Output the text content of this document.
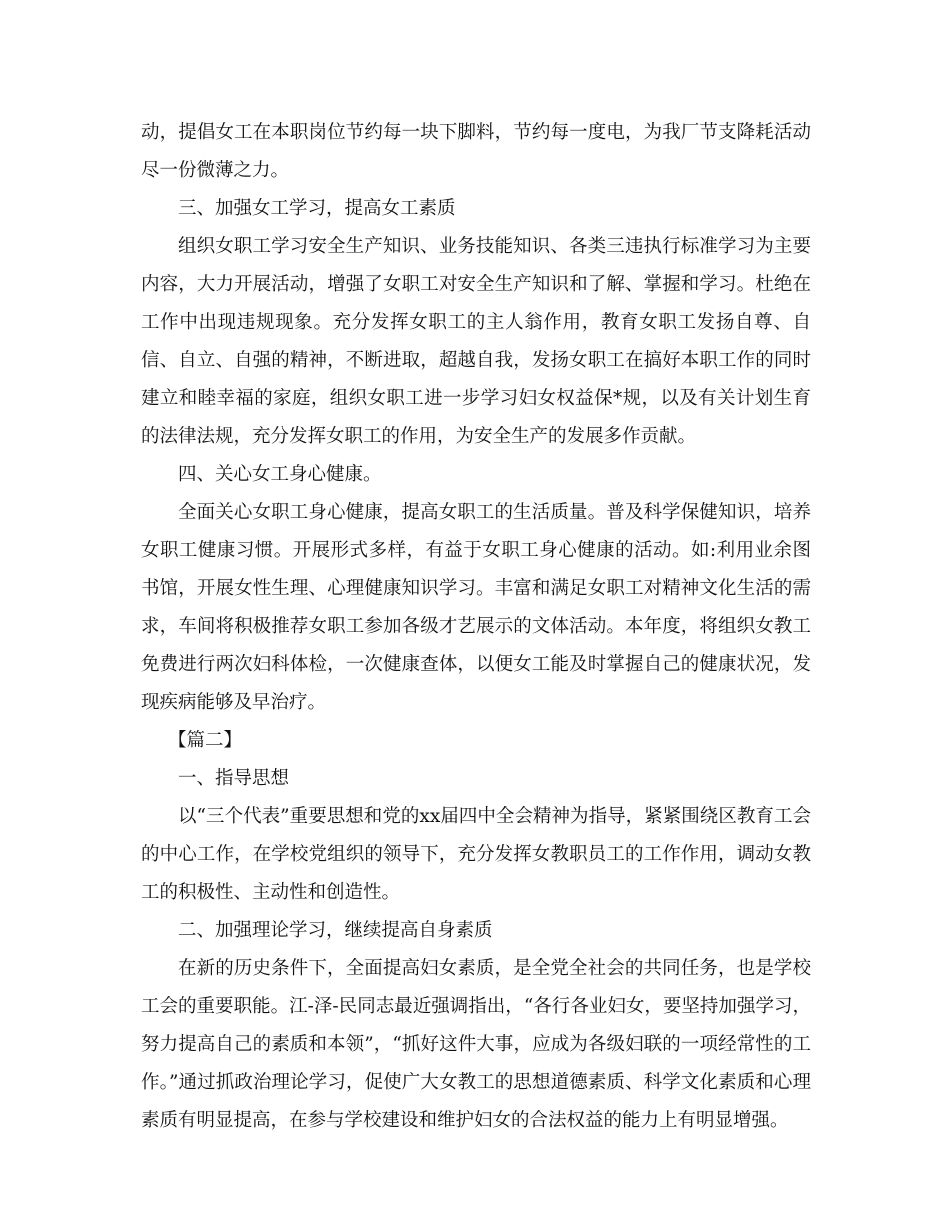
动，提倡女工在本职岗位节约每一块下脚料，节约每一度电，为我厂节支降耗活动尽一份微薄之力。

三、加强女工学习，提高女工素质

组织女职工学习安全生产知识、业务技能知识、各类三违执行标准学习为主要内容，大力开展活动，增强了女职工对安全生产知识和了解、掌握和学习。杜绝在工作中出现违规现象。充分发挥女职工的主人翁作用，教育女职工发扬自尊、自信、自立、自强的精神，不断进取，超越自我，发扬女职工在搞好本职工作的同时建立和睦幸福的家庭，组织女职工进一步学习妇女权益保*规，以及有关计划生育的法律法规，充分发挥女职工的作用，为安全生产的发展多作贡献。

四、关心女工身心健康。

全面关心女职工身心健康，提高女职工的生活质量。普及科学保健知识，培养女职工健康习惯。开展形式多样，有益于女职工身心健康的活动。如:利用业余图书馆，开展女性生理、心理健康知识学习。丰富和满足女职工对精神文化生活的需求，车间将积极推荐女职工参加各级才艺展示的文体活动。本年度，将组织女教工免费进行两次妇科体检，一次健康查体，以便女工能及时掌握自己的健康状况，发现疾病能够及早治疗。

【篇二】

一、指导思想

以“三个代表”重要思想和党的xx届四中全会精神为指导，紧紧围绕区教育工会的中心工作，在学校党组织的领导下，充分发挥女教职员工的工作作用，调动女教工的积极性、主动性和创造性。

二、加强理论学习，继续提高自身素质

在新的历史条件下，全面提高妇女素质，是全党全社会的共同任务，也是学校工会的重要职能。江-泽-民同志最近强调指出，“各行各业妇女，要坚持加强学习，努力提高自己的素质和本领”，“抓好这件大事，应成为各级妇联的一项经常性的工作。”通过抓政治理论学习，促使广大女教工的思想道德素质、科学文化素质和心理素质有明显提高，在参与学校建设和维护妇女的合法权益的能力上有明显增强。
